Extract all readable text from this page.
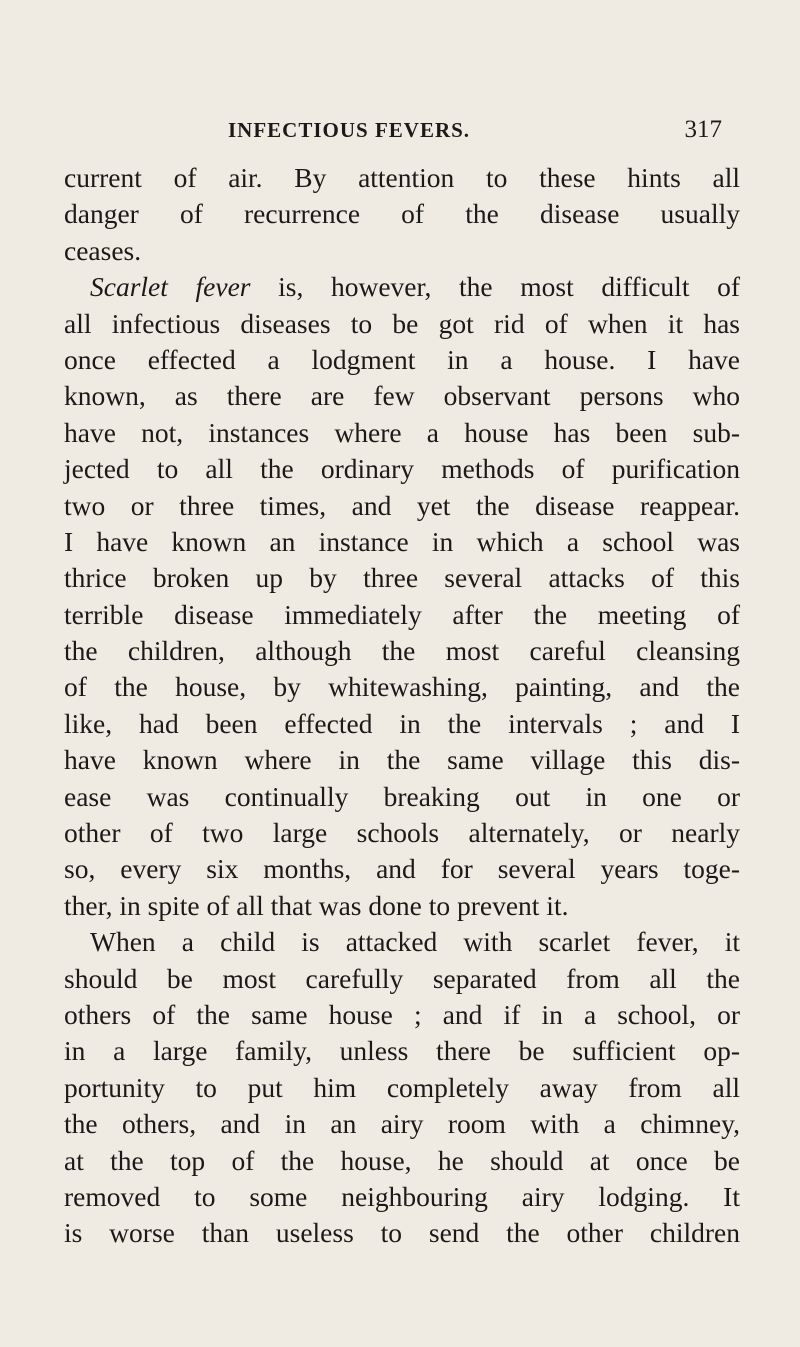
INFECTIOUS FEVERS.	317
current of air. By attention to these hints all
danger of recurrence of the disease usually
ceases.
Scarlet fever is, however, the most difficult of
all infectious diseases to be got rid of when it has
once effected a lodgment in a house. I have
known, as there are few observant persons who
have not, instances where a house has been sub-
jected to all the ordinary methods of purification
two or three times, and yet the disease reappear.
I have known an instance in which a school was
thrice broken up by three several attacks of this
terrible disease immediately after the meeting of
the children, although the most careful cleansing
of the house, by whitewashing, painting, and the
like, had been effected in the intervals ; and I
have known where in the same village this dis-
ease was continually breaking out in one or
other of two large schools alternately, or nearly
so, every six months, and for several years toge-
ther, in spite of all that was done to prevent it.
When a child is attacked with scarlet fever, it
should be most carefully separated from all the
others of the same house ; and if in a school, or
in a large family, unless there be sufficient op-
portunity to put him completely away from all
the others, and in an airy room with a chimney,
at the top of the house, he should at once be
removed to some neighbouring airy lodging. It
is worse than useless to send the other children
